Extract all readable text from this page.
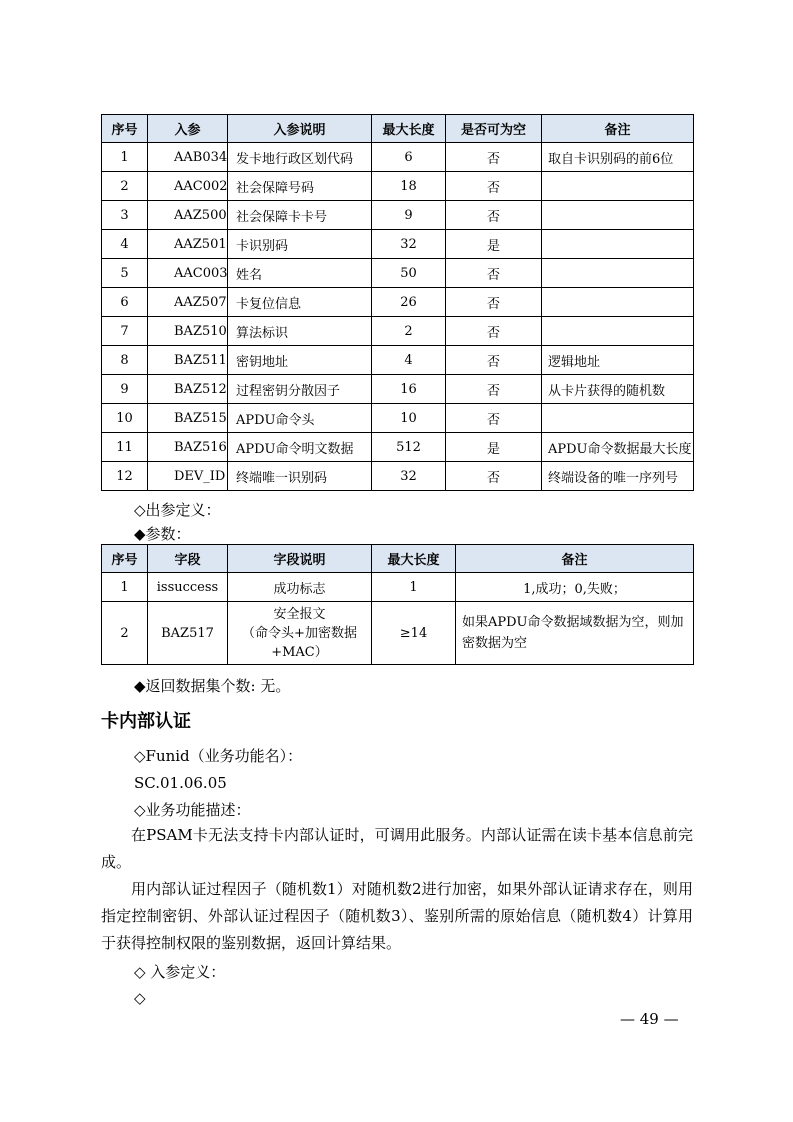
序号	入参	入参说明	最大长度	是否可为空	备注
1	AAB034	发卡地行政区划代码	6	否	取自卡识别码的前6位
2	AAC002	社会保障号码	18	否	
3	AAZ500	社会保障卡卡号	9	否	
4	AAZ501	卡识别码	32	是	
5	AAC003	姓名	50	否	
6	AAZ507	卡复位信息	26	否	
7	BAZ510	算法标识	2	否	
8	BAZ511	密钥地址	4	否	逻辑地址
9	BAZ512	过程密钥分散因子	16	否	从卡片获得的随机数
10	BAZ515	APDU命令头	10	否	
11	BAZ516	APDU命令明文数据	512	是	APDU命令数据最大长度
12	DEV_ID	终端唯一识别码	32	否	终端设备的唯一序列号
◇出参定义：
◆参数：
序号	字段	字段说明	最大长度	备注
1	issuccess	成功标志	1	1,成功；0,失败；
2	BAZ517	安全报文
（命令头+加密数据
+MAC）	≥14	如果APDU命令数据域数据为空，则加密数据为空
◆返回数据集个数: 无。
卡内部认证
◇Funid（业务功能名）：
SC.01.06.05
◇业务功能描述：
在PSAM卡无法支持卡内部认证时，可调用此服务。内部认证需在读卡基本信息前完成。
用内部认证过程因子（随机数1）对随机数2进行加密，如果外部认证请求存在，则用指定控制密钥、外部认证过程因子（随机数3）、鉴别所需的原始信息（随机数4）计算用于获得控制权限的鉴别数据，返回计算结果。
◇ 入参定义：
◇
— 49 —
